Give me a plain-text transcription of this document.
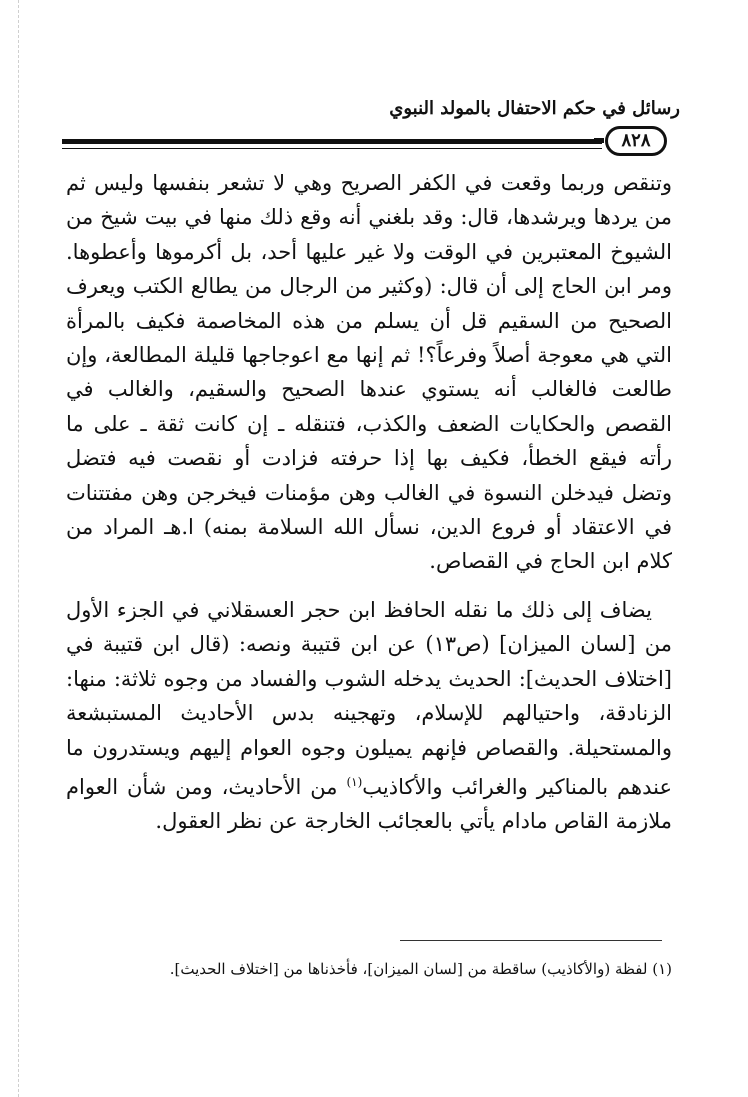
رسائل في حكم الاحتفال بالمولد النبوي
٨٢٨

وتنقص وربما وقعت في الكفر الصريح وهي لا تشعر بنفسها وليس ثم من يردها ويرشدها، قال: وقد بلغني أنه وقع ذلك منها في بيت شيخ من الشيوخ المعتبرين في الوقت ولا غير عليها أحد، بل أكرموها وأعطوها. ومر ابن الحاج إلى أن قال: (وكثير من الرجال من يطالع الكتب ويعرف الصحيح من السقيم قل أن يسلم من هذه المخاصمة فكيف بالمرأة التي هي معوجة أصلاً وفرعاً؟! ثم إنها مع اعوجاجها قليلة المطالعة، وإن طالعت فالغالب أنه يستوي عندها الصحيح والسقيم، والغالب في القصص والحكايات الضعف والكذب، فتنقله ـ إن كانت ثقة ـ على ما رأته فيقع الخطأ، فكيف بها إذا حرفته فزادت أو نقصت فيه فتضل وتضل فيدخلن النسوة في الغالب وهن مؤمنات فيخرجن وهن مفتتنات في الاعتقاد أو فروع الدين، نسأل الله السلامة بمنه) ا.هـ المراد من كلام ابن الحاج في القصاص.

يضاف إلى ذلك ما نقله الحافظ ابن حجر العسقلاني في الجزء الأول من [لسان الميزان] (ص١٣) عن ابن قتيبة ونصه: (قال ابن قتيبة في [اختلاف الحديث]: الحديث يدخله الشوب والفساد من وجوه ثلاثة: منها: الزنادقة، واحتيالهم للإسلام، وتهجينه بدس الأحاديث المستبشعة والمستحيلة. والقصاص فإنهم يميلون وجوه العوام إليهم ويستدرون ما عندهم بالمناكير والغرائب والأكاذيب$^{(١)}$ من الأحاديث، ومن شأن العوام ملازمة القاص مادام يأتي بالعجائب الخارجة عن نظر العقول.

(١) لفظة (والأكاذيب) ساقطة من [لسان الميزان]، فأخذناها من [اختلاف الحديث].
